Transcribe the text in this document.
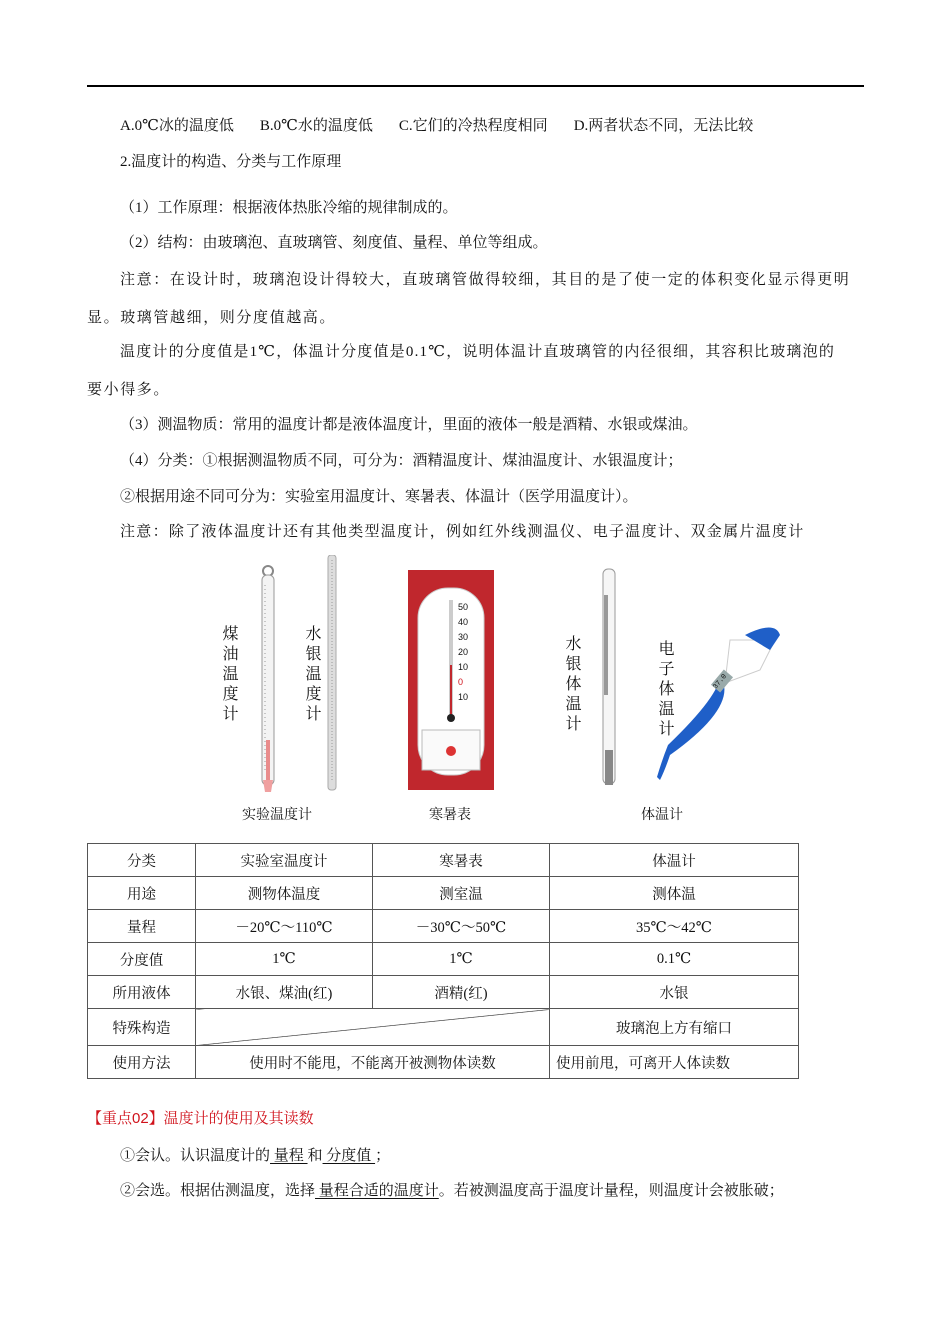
A.0℃冰的温度低 B.0℃水的温度低 C.它们的冷热程度相同 D.两者状态不同，无法比较
2.温度计的构造、分类与工作原理
（1）工作原理：根据液体热胀冷缩的规律制成的。
（2）结构：由玻璃泡、直玻璃管、刻度值、量程、单位等组成。
注意：在设计时，玻璃泡设计得较大，直玻璃管做得较细，其目的是了使一定的体积变化显示得更明
显。玻璃管越细，则分度值越高。
温度计的分度值是1℃，体温计分度值是0.1℃，说明体温计直玻璃管的内径很细，其容积比玻璃泡的
要小得多。
（3）测温物质：常用的温度计都是液体温度计，里面的液体一般是酒精、水银或煤油。
（4）分类：①根据测温物质不同，可分为：酒精温度计、煤油温度计、水银温度计；
②根据用途不同可分为：实验室用温度计、寒暑表、体温计（医学用温度计）。
注意：除了液体温度计还有其他类型温度计，例如红外线测温仪、电子温度计、双金属片温度计
煤油温度计	水银温度计	水银体温计	电子体温计
50
40
30
20
10
0
10
37.0
实验温度计	寒暑表	体温计
分类	实验室温度计	寒暑表	体温计
用途	测物体温度	测室温	测体温
量程	－20℃～110℃	－30℃～50℃	35℃～42℃
分度值	1℃	1℃	0.1℃
所用液体	水银、煤油(红)	酒精(红)	水银
特殊构造			玻璃泡上方有缩口
使用方法	使用时不能甩，不能离开被测物体读数		使用前甩，可离开人体读数
【重点02】温度计的使用及其读数
①会认。认识温度计的 量程 和 分度值 ；
②会选。根据估测温度，选择 量程合适的温度计。若被测温度高于温度计量程，则温度计会被胀破；
